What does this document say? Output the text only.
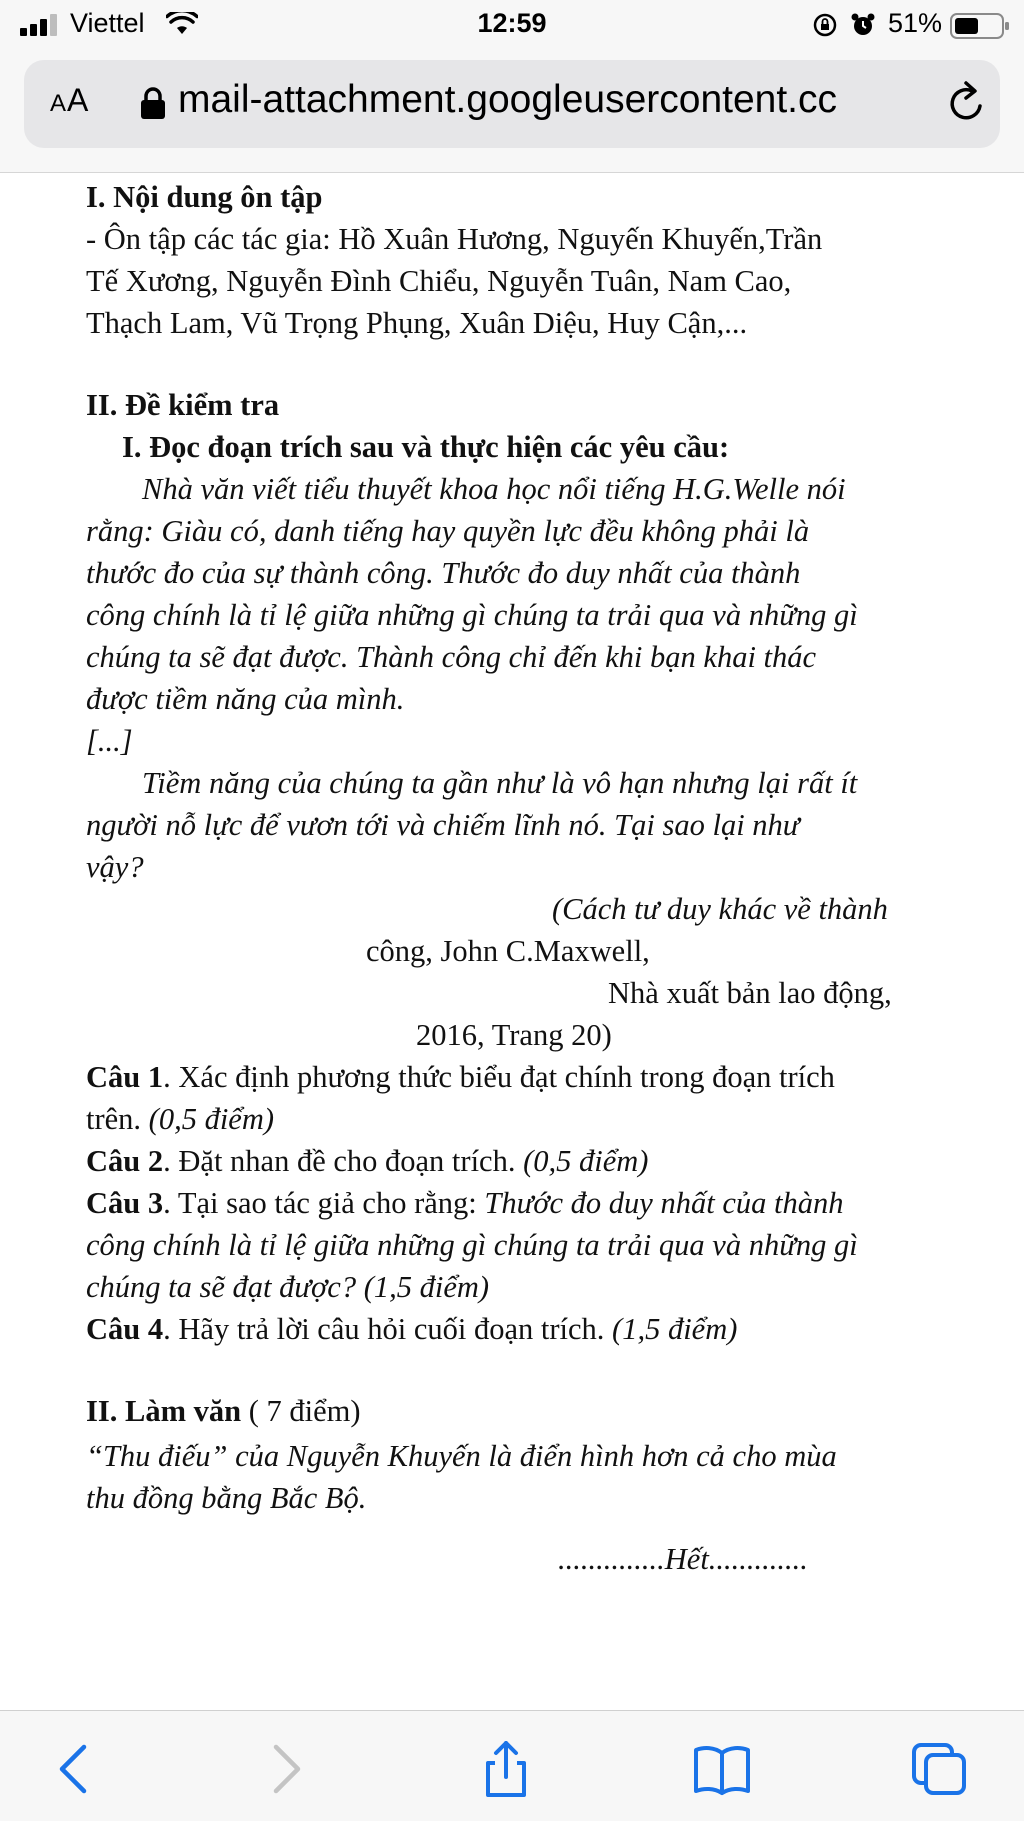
Viettel	12:59	51%
AA mail-attachment.googleusercontent.cc
I. Nội dung ôn tập
- Ôn tập các tác gia: Hồ Xuân Hương, Nguyến Khuyến,Trần
Tế Xương, Nguyễn Đình Chiểu, Nguyễn Tuân, Nam Cao,
Thạch Lam, Vũ Trọng Phụng, Xuân Diệu, Huy Cận,...
II. Đề kiểm tra
I. Đọc đoạn trích sau và thực hiện các yêu cầu:
Nhà văn viết tiểu thuyết khoa học nổi tiếng H.G.Welle nói
rằng: Giàu có, danh tiếng hay quyền lực đều không phải là
thước đo của sự thành công. Thước đo duy nhất của thành
công chính là tỉ lệ giữa những gì chúng ta trải qua và những gì
chúng ta sẽ đạt được. Thành công chỉ đến khi bạn khai thác
được tiềm năng của mình.
[...]
Tiềm năng của chúng ta gần như là vô hạn nhưng lại rất ít
người nỗ lực để vươn tới và chiếm lĩnh nó. Tại sao lại như
vậy?
(Cách tư duy khác về thành
công, John C.Maxwell,
Nhà xuất bản lao động,
2016, Trang 20)
Câu 1. Xác định phương thức biểu đạt chính trong đoạn trích
trên. (0,5 điểm)
Câu 2. Đặt nhan đề cho đoạn trích. (0,5 điểm)
Câu 3. Tại sao tác giả cho rằng: Thước đo duy nhất của thành
công chính là tỉ lệ giữa những gì chúng ta trải qua và những gì
chúng ta sẽ đạt được? (1,5 điểm)
Câu 4. Hãy trả lời câu hỏi cuối đoạn trích. (1,5 điểm)
II. Làm văn ( 7 điểm)
“Thu điếu” của Nguyễn Khuyến là điển hình hơn cả cho mùa
thu đồng bằng Bắc Bộ.
..............Hết.............
